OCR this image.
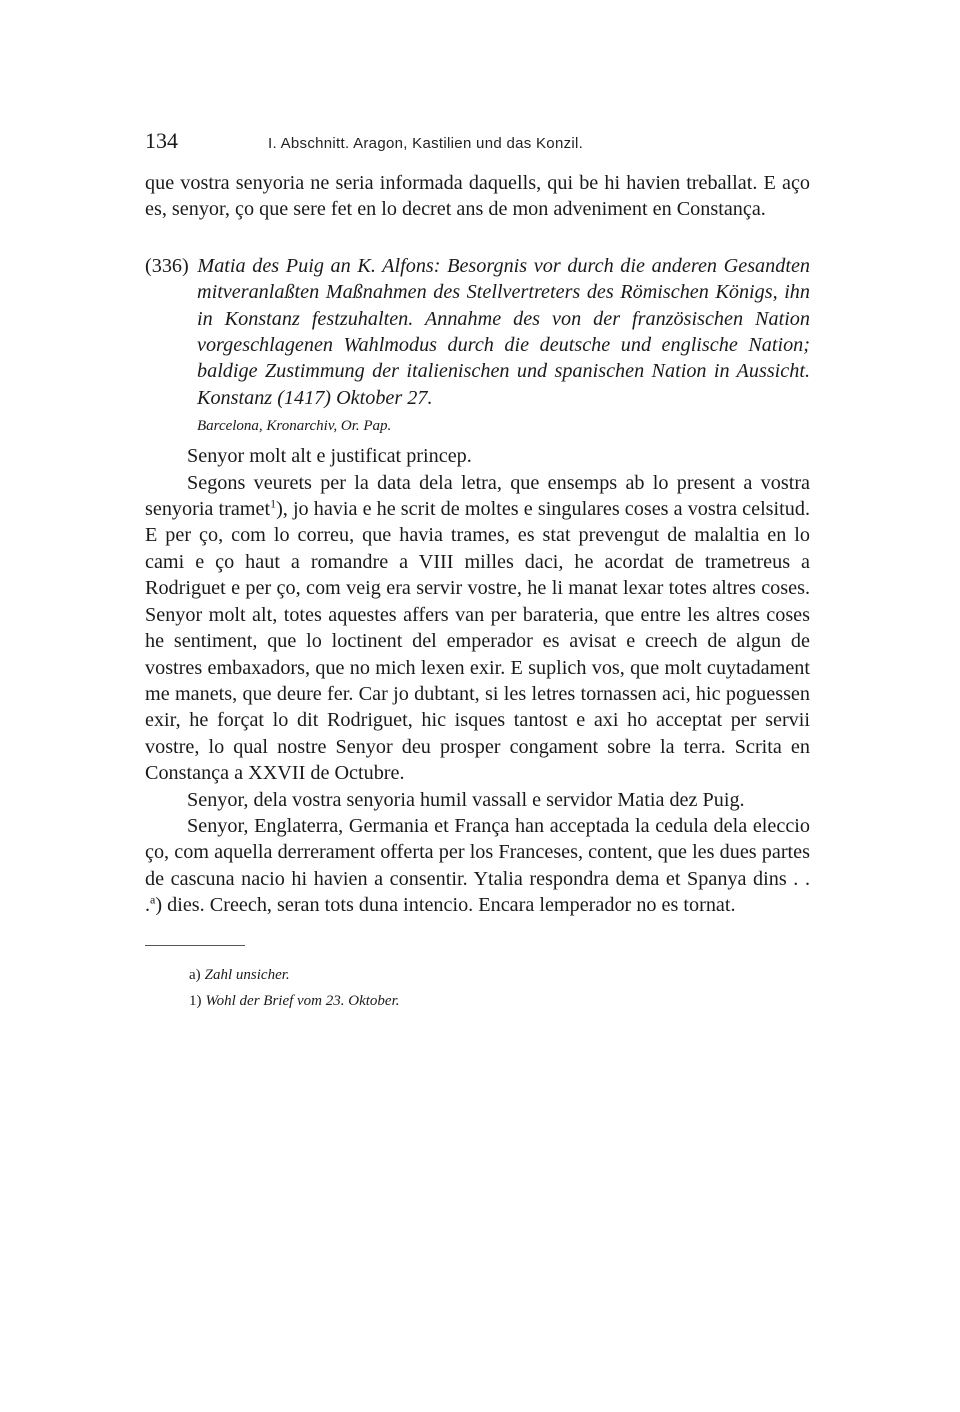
134	I. Abschnitt. Aragon, Kastilien und das Konzil.

que vostra senyoria ne seria informada daquells, qui be hi havien treballat. E aço es, senyor, ço que sere fet en lo decret ans de mon adveniment en Constança.

(336) Matia des Puig an K. Alfons: Besorgnis vor durch die anderen Gesandten mitveranlaßten Maßnahmen des Stellvertreters des Römischen Königs, ihn in Konstanz festzuhalten. Annahme des von der französischen Nation vorgeschlagenen Wahlmodus durch die deutsche und englische Nation; baldige Zustimmung der italienischen und spanischen Nation in Aussicht. Konstanz (1417) Oktober 27.

Barcelona, Kronarchiv, Or. Pap.

Senyor molt alt e justificat princep.

Segons veurets per la data dela letra, que ensemps ab lo present a vostra senyoria tramet$^1$), jo havia e he scrit de moltes e singulares coses a vostra celsitud. E per ço, com lo correu, que havia trames, es stat prevengut de malaltia en lo cami e ço haut a romandre a VIII milles daci, he acordat de trametreus a Rodriguet e per ço, com veig era servir vostre, he li manat lexar totes altres coses. Senyor molt alt, totes aquestes affers van per barateria, que entre les altres coses he sentiment, que lo loctinent del emperador es avisat e creech de algun de vostres embaxadors, que no mich lexen exir. E suplich vos, que molt cuytadament me manets, que deure fer. Car jo dubtant, si les letres tornassen aci, hic poguessen exir, he forçat lo dit Rodriguet, hic isques tantost e axi ho acceptat per servii vostre, lo qual nostre Senyor deu prosper congament sobre la terra. Scrita en Constança a XXVII de Octubre.

Senyor, dela vostra senyoria humil vassall e servidor Matia dez Puig.

Senyor, Englaterra, Germania et França han acceptada la cedula dela eleccio ço, com aquella derrerament offerta per los Franceses, content, que les dues partes de cascuna nacio hi havien a consentir. Ytalia respondra dema et Spanya dins . . .$^a$) dies. Creech, seran tots duna intencio. Encara lemperador no es tornat.

a) Zahl unsicher.

1) Wohl der Brief vom 23. Oktober.
